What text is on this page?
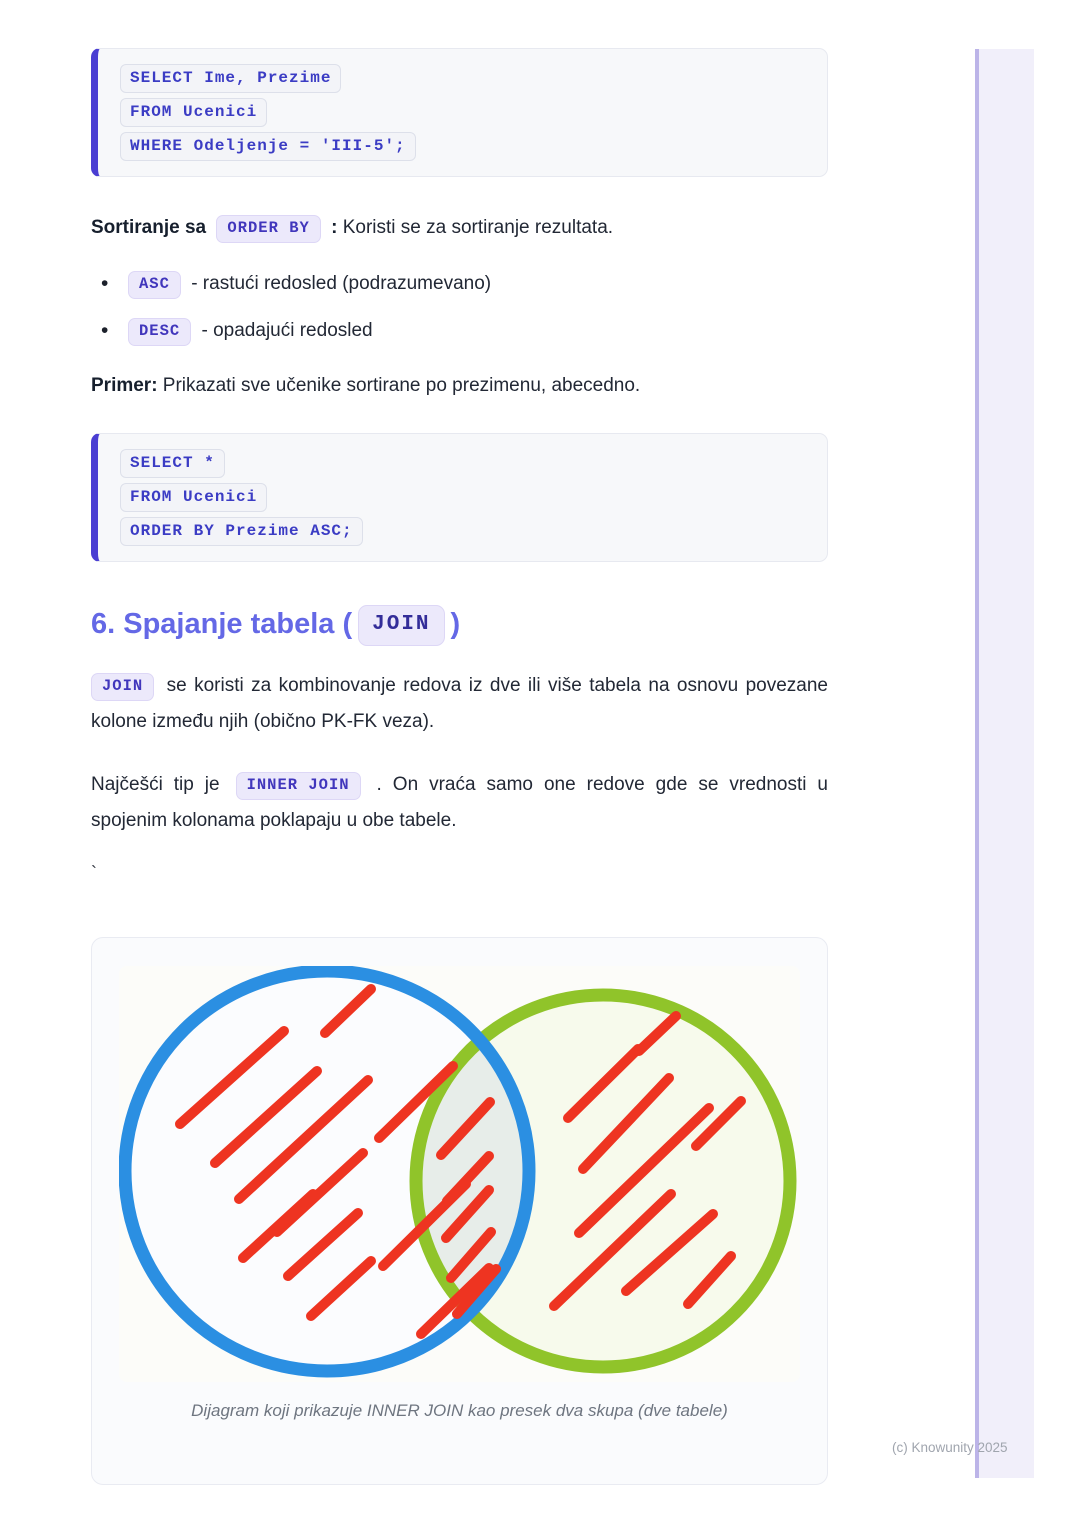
SELECT Ime, Prezime
FROM Ucenici
WHERE Odeljenje = 'III-5';
Sortiranje sa ORDER BY : Koristi se za sortiranje rezultata.
• ASC - rastući redosled (podrazumevano)
• DESC - opadajući redosled
Primer: Prikazati sve učenike sortirane po prezimenu, abecedno.
SELECT *
FROM Ucenici
ORDER BY Prezime ASC;
6. Spajanje tabela ( JOIN )

JOIN se koristi za kombinovanje redova iz dve ili više tabela na osnovu povezane kolone između njih (obično PK-FK veza).

Najčešći tip je INNER JOIN . On vraća samo one redove gde se vrednosti u spojenim kolonama poklapaju u obe tabele.

`
Dijagram koji prikazuje INNER JOIN kao presek dva skupa (dve tabele)
(c) Knowunity 2025
